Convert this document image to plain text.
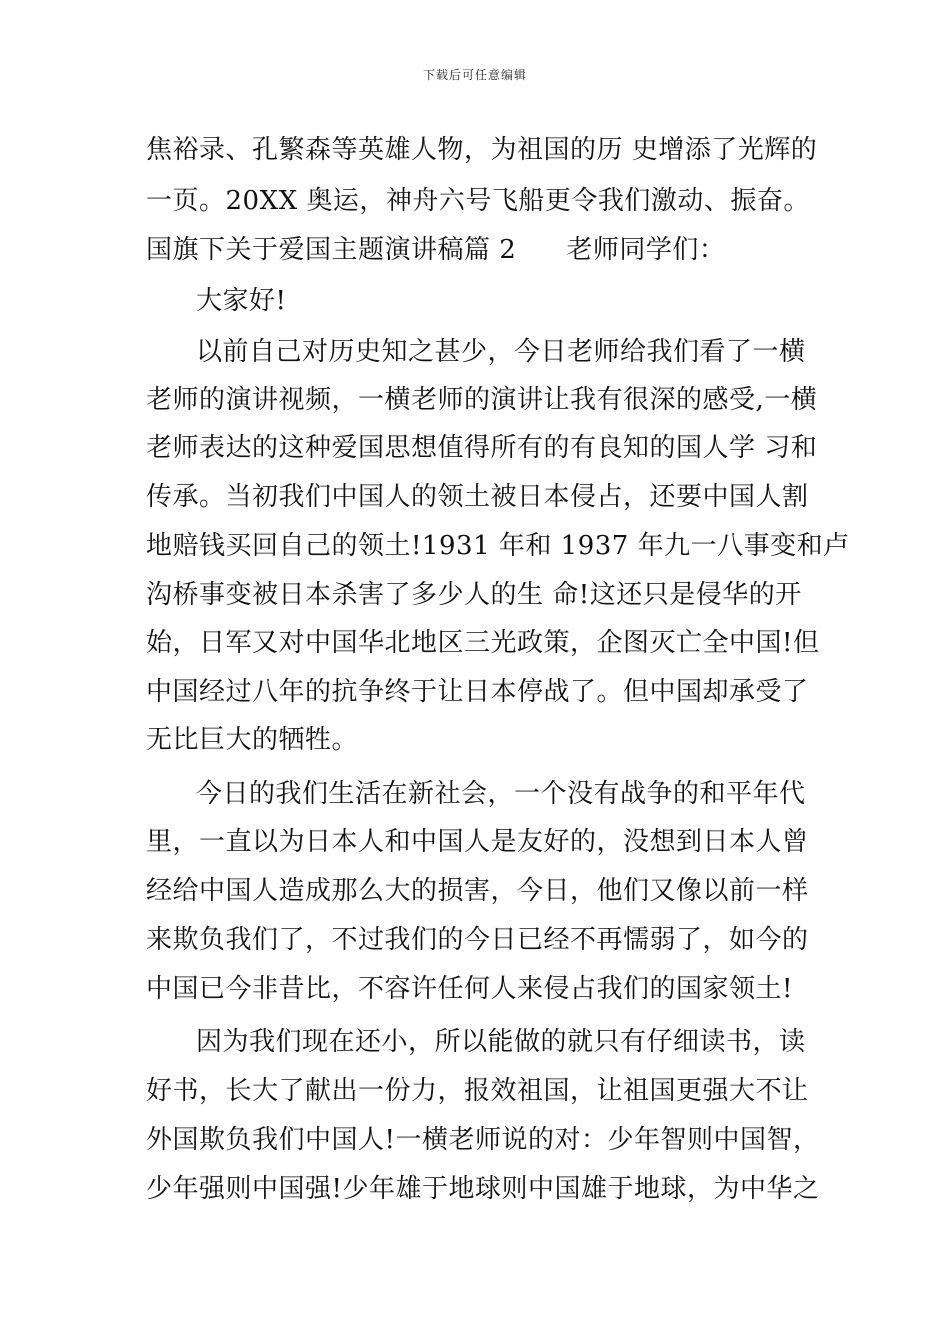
下载后可任意编辑
焦裕录、孔繁森等英雄人物，为祖国的历 史增添了光辉的
一页。20XX 奥运，神舟六号飞船更令我们激动、振奋。
国旗下关于爱国主题演讲稿篇 2 老师同学们：
大家好!
以前自己对历史知之甚少，今日老师给我们看了一横
老师的演讲视频，一横老师的演讲让我有很深的感受,一横
老师表达的这种爱国思想值得所有的有良知的国人学 习和
传承。当初我们中国人的领土被日本侵占，还要中国人割
地赔钱买回自己的领土!1931 年和 1937 年九一八事变和卢
沟桥事变被日本杀害了多少人的生 命!这还只是侵华的开
始，日军又对中国华北地区三光政策，企图灭亡全中国!但
中国经过八年的抗争终于让日本停战了。但中国却承受了
无比巨大的牺牲。
今日的我们生活在新社会，一个没有战争的和平年代
里，一直以为日本人和中国人是友好的，没想到日本人曾
经给中国人造成那么大的损害，今日，他们又像以前一样
来欺负我们了，不过我们的今日已经不再懦弱了，如今的
中国已今非昔比，不容许任何人来侵占我们的国家领土!
因为我们现在还小，所以能做的就只有仔细读书，读
好书，长大了献出一份力，报效祖国，让祖国更强大不让
外国欺负我们中国人!一横老师说的对：少年智则中国智，
少年强则中国强!少年雄于地球则中国雄于地球，为中华之
